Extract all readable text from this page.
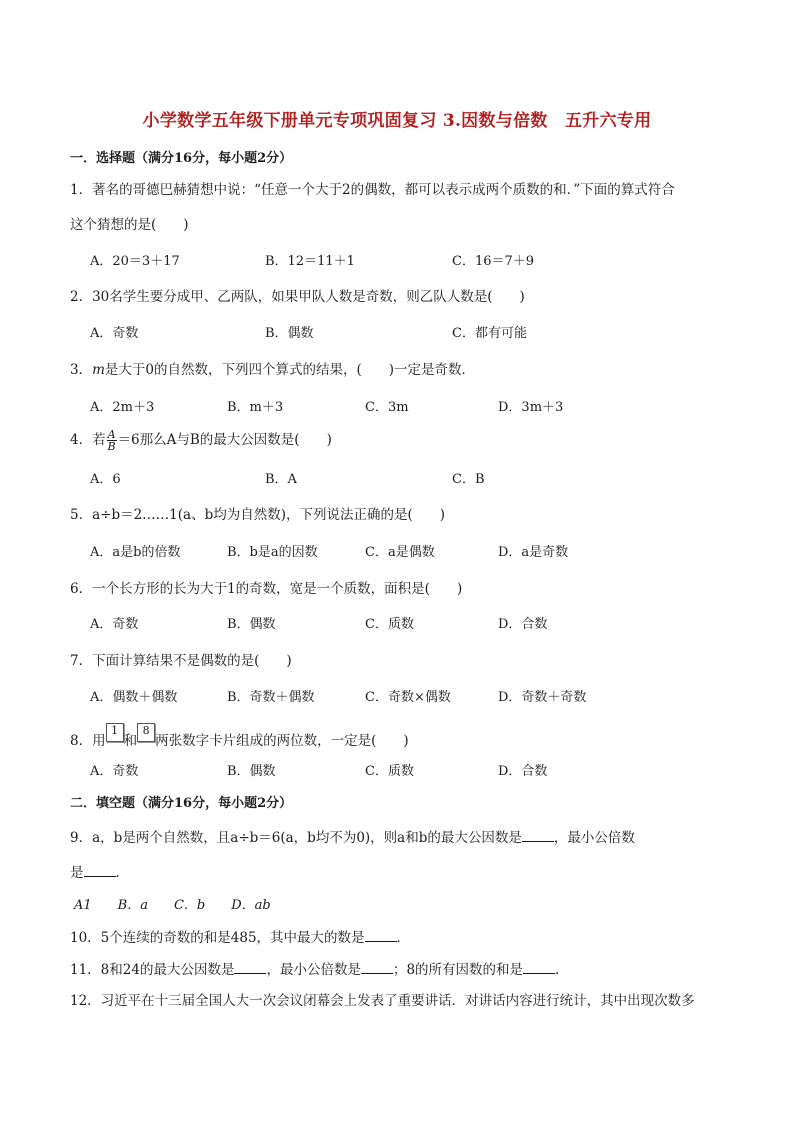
小学数学五年级下册单元专项巩固复习 3.因数与倍数　五升六专用
一．选择题（满分16分，每小题2分）
1．著名的哥德巴赫猜想中说：“任意一个大于2的偶数，都可以表示成两个质数的和．”下面的算式符合
这个猜想的是(　　)
A．20＝3＋17	B．12＝11＋1	C．16＝7＋9
2．30名学生要分成甲、乙两队，如果甲队人数是奇数，则乙队人数是(　　)
A．奇数	B．偶数	C．都有可能
3．m是大于0的自然数，下列四个算式的结果，(　　)一定是奇数．
A．2m＋3	B．m＋3	C．3m	D．3m＋3
4．若 $\frac{A}{B} =6$那么A与B的最大公因数是(　　)
A．6	B．A	C．B
5．a÷b＝2……1(a、b均为自然数)，下列说法正确的是(　　)
A．a是b的倍数	B．b是a的因数	C．a是偶数	D．a是奇数
6．一个长方形的长为大于1的奇数，宽是一个质数，面积是(　　)
A．奇数	B．偶数	C．质数	D．合数
7．下面计算结果不是偶数的是(　　)
A．偶数＋偶数	B．奇数＋偶数	C．奇数×偶数	D．奇数＋奇数
8．用1和8两张数字卡片组成的两位数，一定是(　　)
A．奇数	B．偶数	C．质数	D．合数
二．填空题（满分16分，每小题2分）
9．a，b是两个自然数，且a÷b＝6(a，b均不为0)，则a和b的最大公因数是 ，最小公倍数
是 ．
A1　　B．a　　C．b　　D．ab
10．5个连续的奇数的和是485，其中最大的数是 ．
11．8和24的最大公因数是 ，最小公倍数是 ；8的所有因数的和是 ．
12．习近平在十三届全国人大一次会议闭幕会上发表了重要讲话．对讲话内容进行统计，其中出现次数多
